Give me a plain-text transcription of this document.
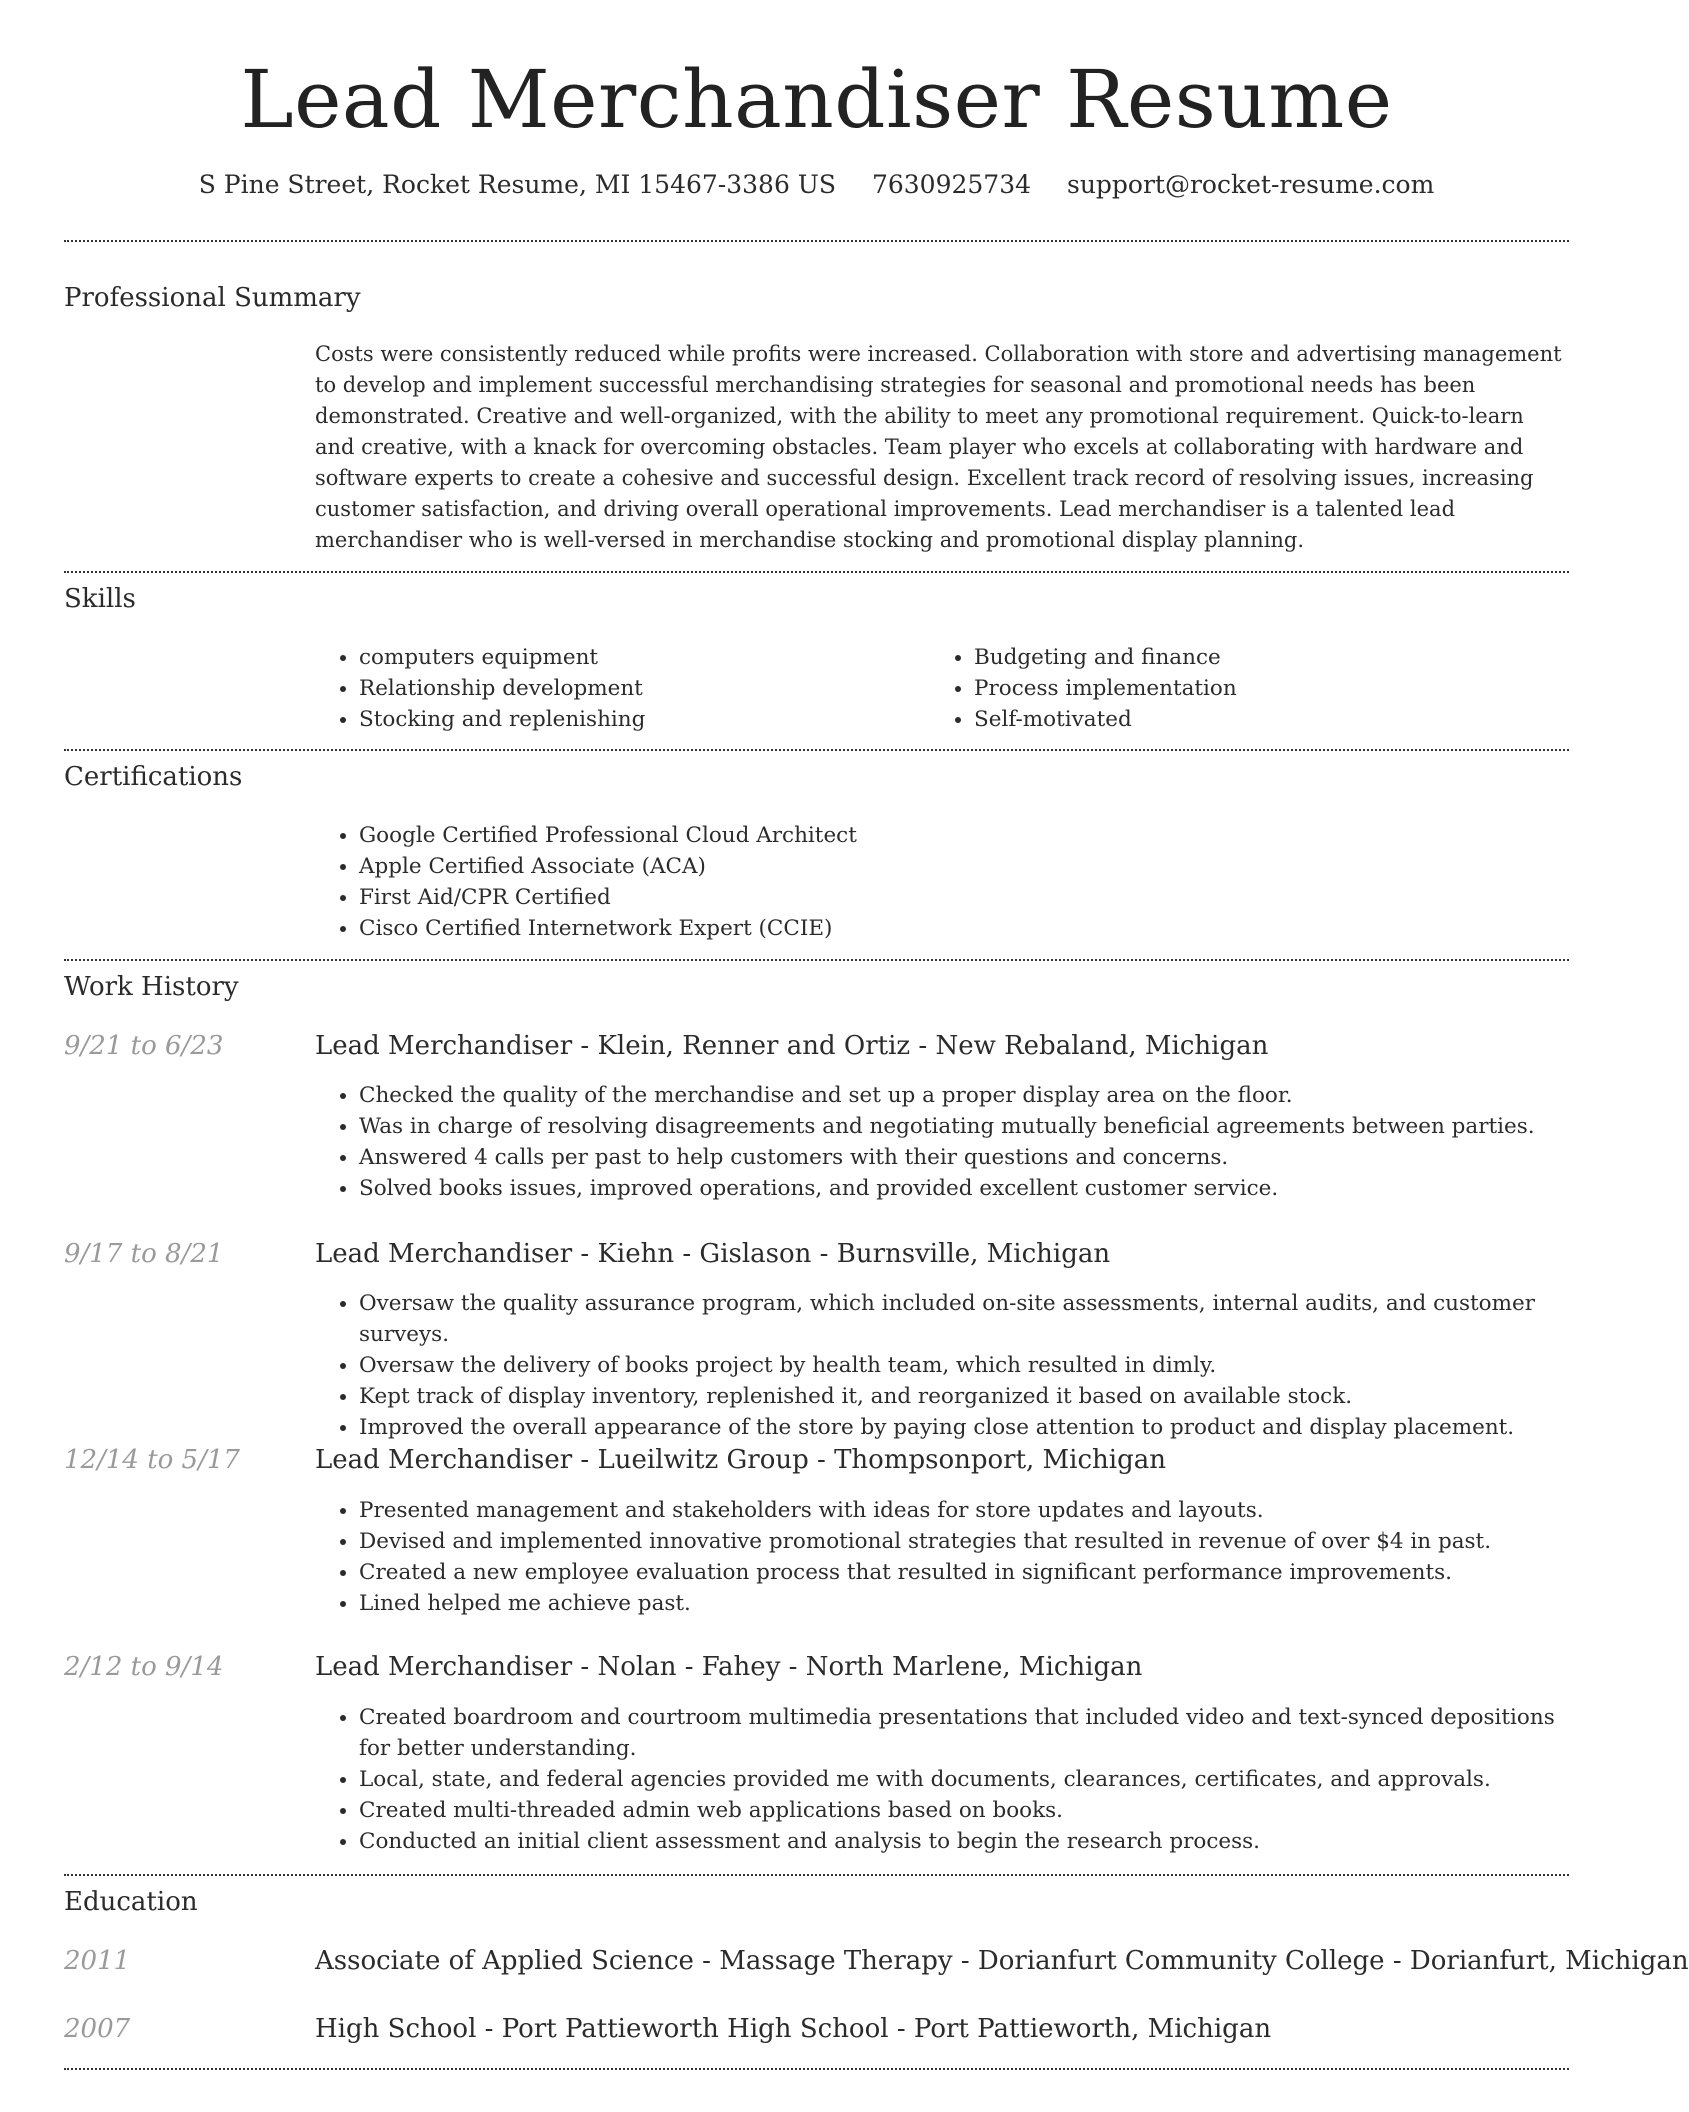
Lead Merchandiser Resume
S Pine Street, Rocket Resume, MI 15467-3386 US 7630925734 support@rocket-resume.com
Professional Summary

Costs were consistently reduced while profits were increased. Collaboration with store and advertising management to develop and implement successful merchandising strategies for seasonal and promotional needs has been demonstrated. Creative and well-organized, with the ability to meet any promotional requirement. Quick-to-learn and creative, with a knack for overcoming obstacles. Team player who excels at collaborating with hardware and software experts to create a cohesive and successful design. Excellent track record of resolving issues, increasing customer satisfaction, and driving overall operational improvements. Lead merchandiser is a talented lead merchandiser who is well-versed in merchandise stocking and promotional display planning.

Skills
• computers equipment
• Relationship development
• Stocking and replenishing
• Budgeting and finance
• Process implementation
• Self-motivated
Certifications
• Google Certified Professional Cloud Architect
• Apple Certified Associate (ACA)
• First Aid/CPR Certified
• Cisco Certified Internetwork Expert (CCIE)
Work History
9/21 to 6/23	Lead Merchandiser - Klein, Renner and Ortiz - New Rebaland, Michigan
• Checked the quality of the merchandise and set up a proper display area on the floor.
• Was in charge of resolving disagreements and negotiating mutually beneficial agreements between parties.
• Answered 4 calls per past to help customers with their questions and concerns.
• Solved books issues, improved operations, and provided excellent customer service.
9/17 to 8/21	Lead Merchandiser - Kiehn - Gislason - Burnsville, Michigan
• Oversaw the quality assurance program, which included on-site assessments, internal audits, and customer surveys.
• Oversaw the delivery of books project by health team, which resulted in dimly.
• Kept track of display inventory, replenished it, and reorganized it based on available stock.
• Improved the overall appearance of the store by paying close attention to product and display placement.
12/14 to 5/17	Lead Merchandiser - Lueilwitz Group - Thompsonport, Michigan
• Presented management and stakeholders with ideas for store updates and layouts.
• Devised and implemented innovative promotional strategies that resulted in revenue of over $4 in past.
• Created a new employee evaluation process that resulted in significant performance improvements.
• Lined helped me achieve past.
2/12 to 9/14	Lead Merchandiser - Nolan - Fahey - North Marlene, Michigan
• Created boardroom and courtroom multimedia presentations that included video and text-synced depositions for better understanding.
• Local, state, and federal agencies provided me with documents, clearances, certificates, and approvals.
• Created multi-threaded admin web applications based on books.
• Conducted an initial client assessment and analysis to begin the research process.
Education
2011	Associate of Applied Science - Massage Therapy - Dorianfurt Community College - Dorianfurt, Michigan
2007	High School - Port Pattieworth High School - Port Pattieworth, Michigan
